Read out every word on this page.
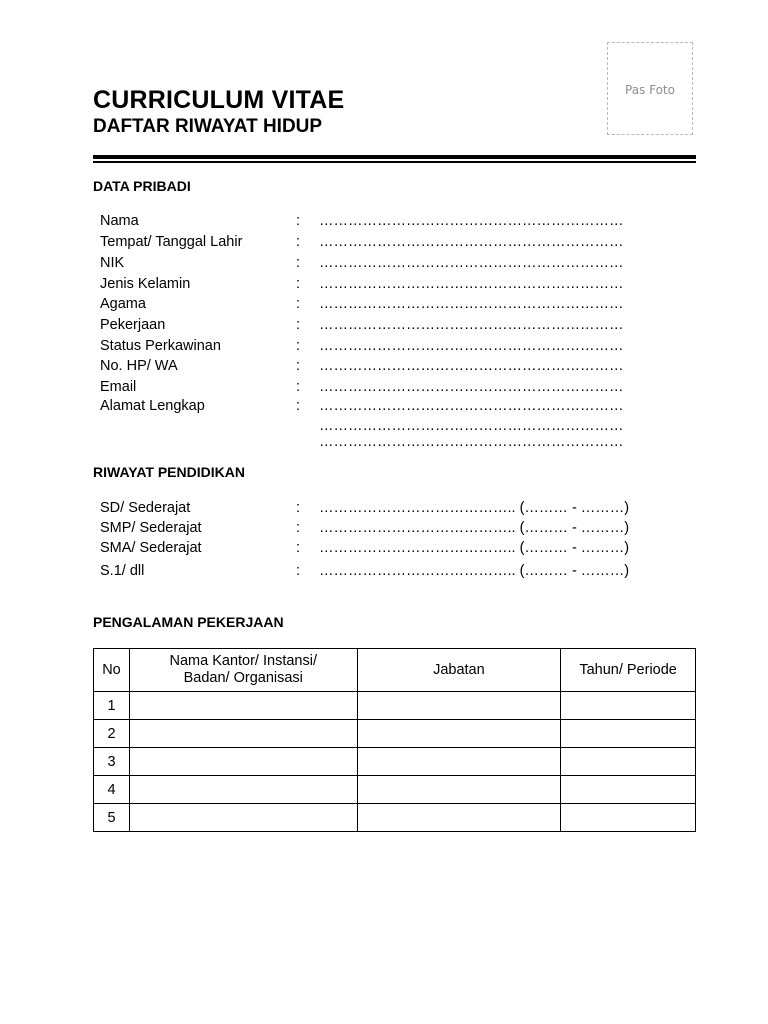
Pas Foto
CURRICULUM VITAE
DAFTAR RIWAYAT HIDUP
DATA PRIBADI
Nama	: ………………………………………………………
Tempat/ Tanggal Lahir	: ………………………………………………………
NIK	: ………………………………………………………
Jenis Kelamin	: ………………………………………………………
Agama	: ………………………………………………………
Pekerjaan	: ………………………………………………………
Status Perkawinan	: ………………………………………………………
No. HP/ WA	: ………………………………………………………
Email	: ………………………………………………………
Alamat Lengkap	: ………………………………………………………
………………………………………………………
………………………………………………………
RIWAYAT PENDIDIKAN
SD/ Sederajat	: ………………………………….. (……… - ………)
SMP/ Sederajat	: ………………………………….. (……… - ………)
SMA/ Sederajat	: ………………………………….. (……… - ………)
S.1/ dll	: ………………………………….. (……… - ………)
PENGALAMAN PEKERJAAN
No	Nama Kantor/ Instansi/
Badan/ Organisasi	Jabatan	Tahun/ Periode
1			
2			
3			
4			
5			
